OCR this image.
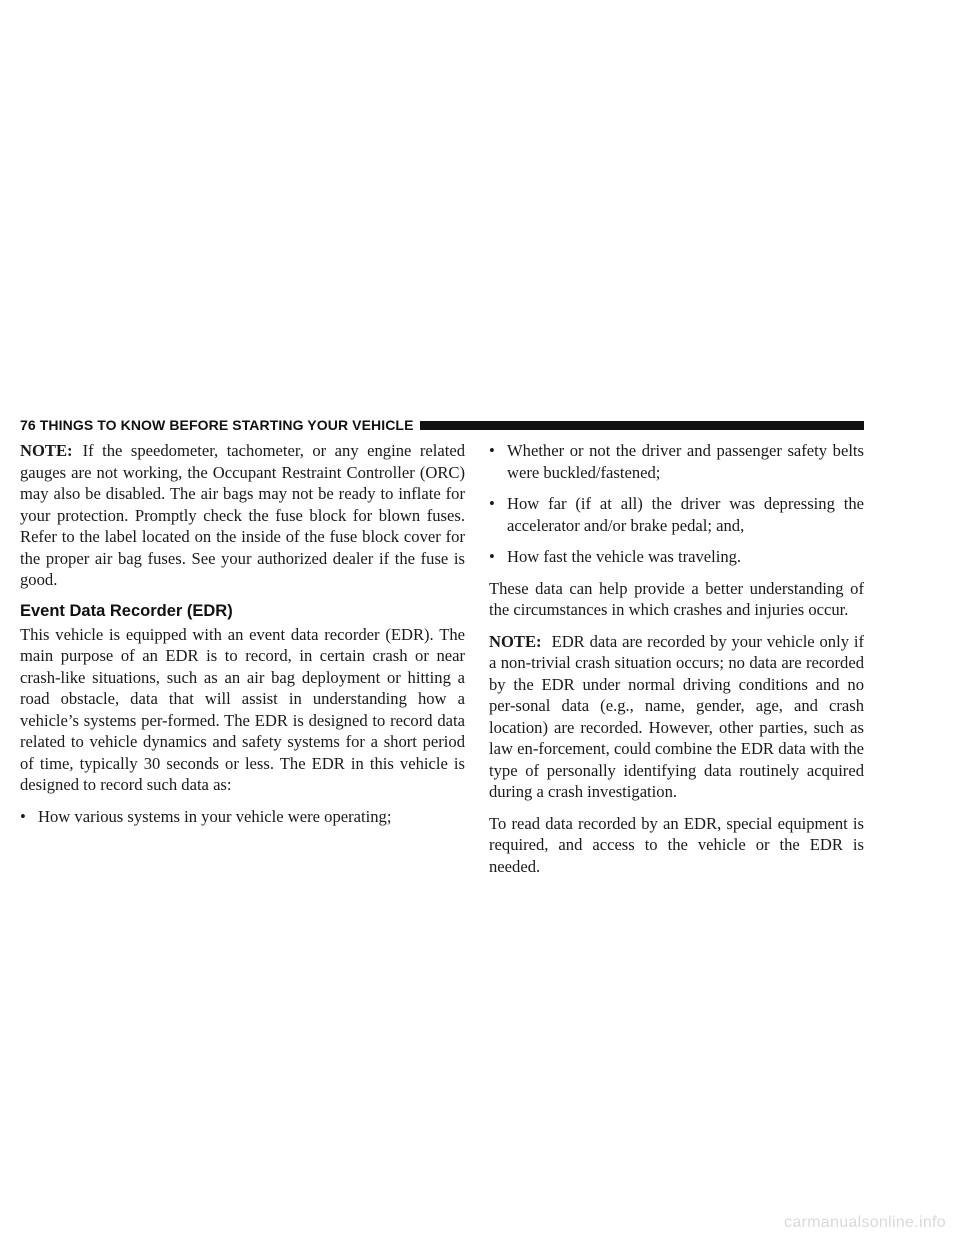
76 THINGS TO KNOW BEFORE STARTING YOUR VEHICLE

NOTE: If the speedometer, tachometer, or any engine related gauges are not working, the Occupant Restraint Controller (ORC) may also be disabled. The air bags may not be ready to inflate for your protection. Promptly check the fuse block for blown fuses. Refer to the label located on the inside of the fuse block cover for the proper air bag fuses. See your authorized dealer if the fuse is good.

Event Data Recorder (EDR)

This vehicle is equipped with an event data recorder (EDR). The main purpose of an EDR is to record, in certain crash or near crash-like situations, such as an air bag deployment or hitting a road obstacle, data that will assist in understanding how a vehicle’s systems per-formed. The EDR is designed to record data related to vehicle dynamics and safety systems for a short period of time, typically 30 seconds or less. The EDR in this vehicle is designed to record such data as:

• How various systems in your vehicle were operating;
• Whether or not the driver and passenger safety belts were buckled/fastened;
• How far (if at all) the driver was depressing the accelerator and/or brake pedal; and,
• How fast the vehicle was traveling.

These data can help provide a better understanding of the circumstances in which crashes and injuries occur.

NOTE: EDR data are recorded by your vehicle only if a non-trivial crash situation occurs; no data are recorded by the EDR under normal driving conditions and no per-sonal data (e.g., name, gender, age, and crash location) are recorded. However, other parties, such as law en-forcement, could combine the EDR data with the type of personally identifying data routinely acquired during a crash investigation.

To read data recorded by an EDR, special equipment is required, and access to the vehicle or the EDR is needed.

carmanualsonline.info
